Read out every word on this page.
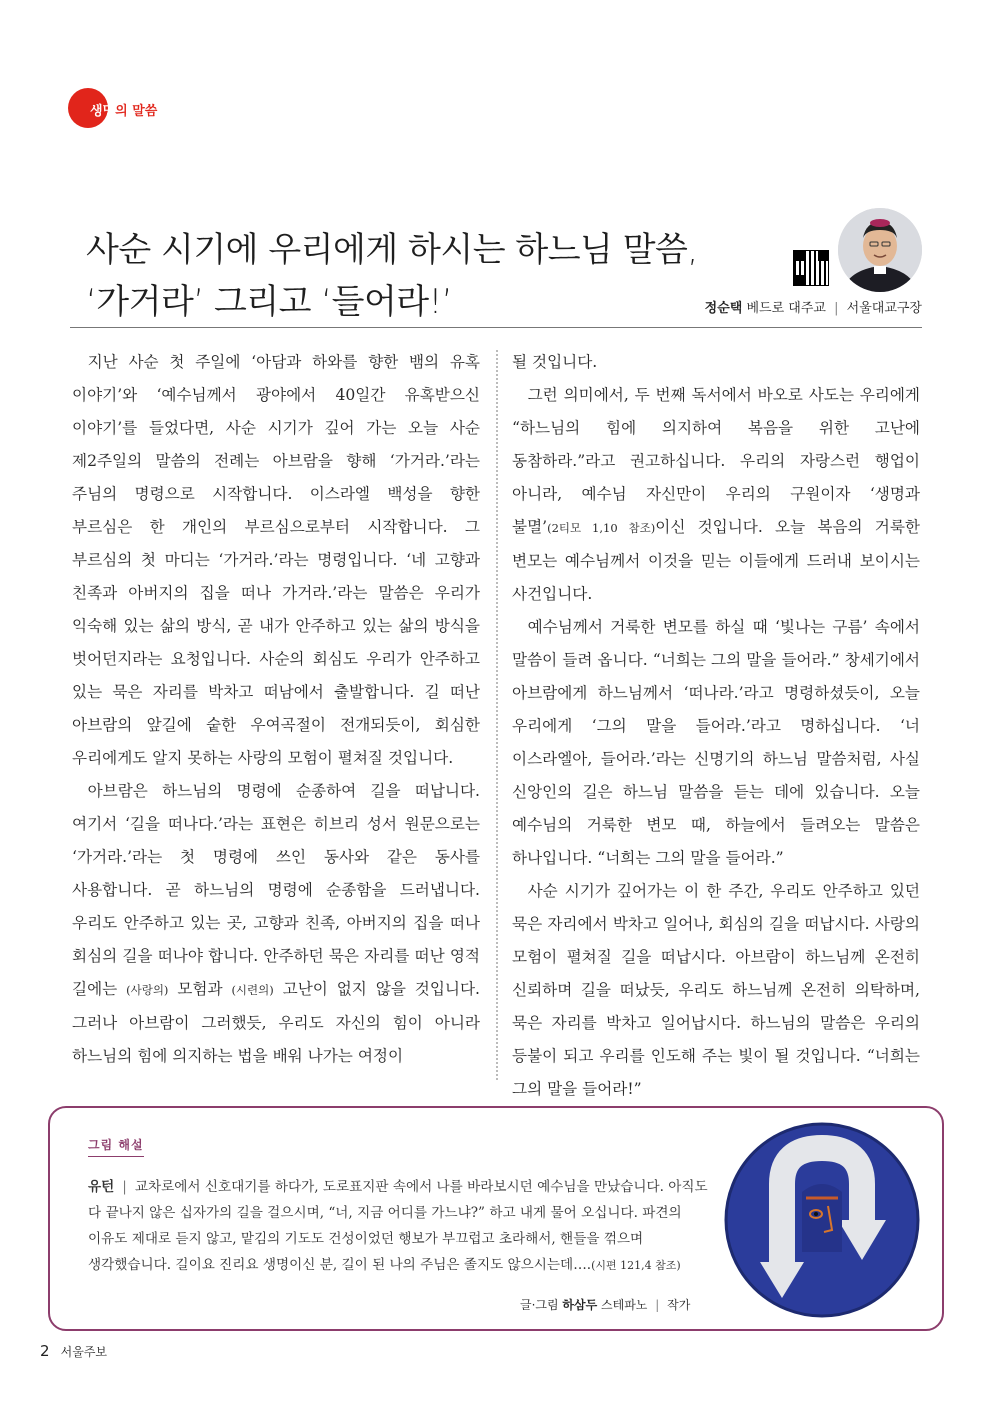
생명의 말씀
사순 시기에 우리에게 하시는 하느님 말씀,
‘가거라’ 그리고 ‘들어라!’	정순택 베드로 대주교 | 서울대교구장

지난 사순 첫 주일에 ‘아담과 하와를 향한 뱀의 유혹 이야기’와 ‘예수님께서 광야에서 40일간 유혹받으신 이야기’를 들었다면, 사순 시기가 깊어 가는 오늘 사순 제2주일의 말씀의 전례는 아브람을 향해 ‘가거라.’라는 주님의 명령으로 시작합니다. 이스라엘 백성을 향한 부르심은 한 개인의 부르심으로부터 시작합니다. 그 부르심의 첫 마디는 ‘가거라.’라는 명령입니다. ‘네 고향과 친족과 아버지의 집을 떠나 가거라.’라는 말씀은 우리가 익숙해 있는 삶의 방식, 곧 내가 안주하고 있는 삶의 방식을 벗어던지라는 요청입니다. 사순의 회심도 우리가 안주하고 있는 묵은 자리를 박차고 떠남에서 출발합니다. 길 떠난 아브람의 앞길에 숱한 우여곡절이 전개되듯이, 회심한 우리에게도 알지 못하는 사랑의 모험이 펼쳐질 것입니다.

아브람은 하느님의 명령에 순종하여 길을 떠납니다. 여기서 ‘길을 떠나다.’라는 표현은 히브리 성서 원문으로는 ‘가거라.’라는 첫 명령에 쓰인 동사와 같은 동사를 사용합니다. 곧 하느님의 명령에 순종함을 드러냅니다. 우리도 안주하고 있는 곳, 고향과 친족, 아버지의 집을 떠나 회심의 길을 떠나야 합니다. 안주하던 묵은 자리를 떠난 영적 길에는 (사랑의) 모험과 (시련의) 고난이 없지 않을 것입니다. 그러나 아브람이 그러했듯, 우리도 자신의 힘이 아니라 하느님의 힘에 의지하는 법을 배워 나가는 여정이

될 것입니다.

그런 의미에서, 두 번째 독서에서 바오로 사도는 우리에게 “하느님의 힘에 의지하여 복음을 위한 고난에 동참하라.”라고 권고하십니다. 우리의 자랑스런 행업이 아니라, 예수님 자신만이 우리의 구원이자 ‘생명과 불멸’(2티모 1,10 참조)이신 것입니다. 오늘 복음의 거룩한 변모는 예수님께서 이것을 믿는 이들에게 드러내 보이시는 사건입니다.

예수님께서 거룩한 변모를 하실 때 ‘빛나는 구름’ 속에서 말씀이 들려 옵니다. “너희는 그의 말을 들어라.” 창세기에서 아브람에게 하느님께서 ‘떠나라.’라고 명령하셨듯이, 오늘 우리에게 ‘그의 말을 들어라.’라고 명하십니다. ‘너 이스라엘아, 들어라.’라는 신명기의 하느님 말씀처럼, 사실 신앙인의 길은 하느님 말씀을 듣는 데에 있습니다. 오늘 예수님의 거룩한 변모 때, 하늘에서 들려오는 말씀은 하나입니다. “너희는 그의 말을 들어라.”

사순 시기가 깊어가는 이 한 주간, 우리도 안주하고 있던 묵은 자리에서 박차고 일어나, 회심의 길을 떠납시다. 사랑의 모험이 펼쳐질 길을 떠납시다. 아브람이 하느님께 온전히 신뢰하며 길을 떠났듯, 우리도 하느님께 온전히 의탁하며, 묵은 자리를 박차고 일어납시다. 하느님의 말씀은 우리의 등불이 되고 우리를 인도해 주는 빛이 될 것입니다. “너희는 그의 말을 들어라!”

그림 해설
유턴 | 교차로에서 신호대기를 하다가, 도로표지판 속에서 나를 바라보시던 예수님을 만났습니다. 아직도 다 끝나지 않은 십자가의 길을 걸으시며, “너, 지금 어디를 가느냐?” 하고 내게 물어 오십니다. 파견의 이유도 제대로 듣지 않고, 맡김의 기도도 건성이었던 행보가 부끄럽고 초라해서, 핸들을 꺾으며 생각했습니다. 길이요 진리요 생명이신 분, 길이 된 나의 주님은 졸지도 않으시는데….(시편 121,4 참조)
글·그림 하삼두 스테파노 | 작가
2 서울주보
